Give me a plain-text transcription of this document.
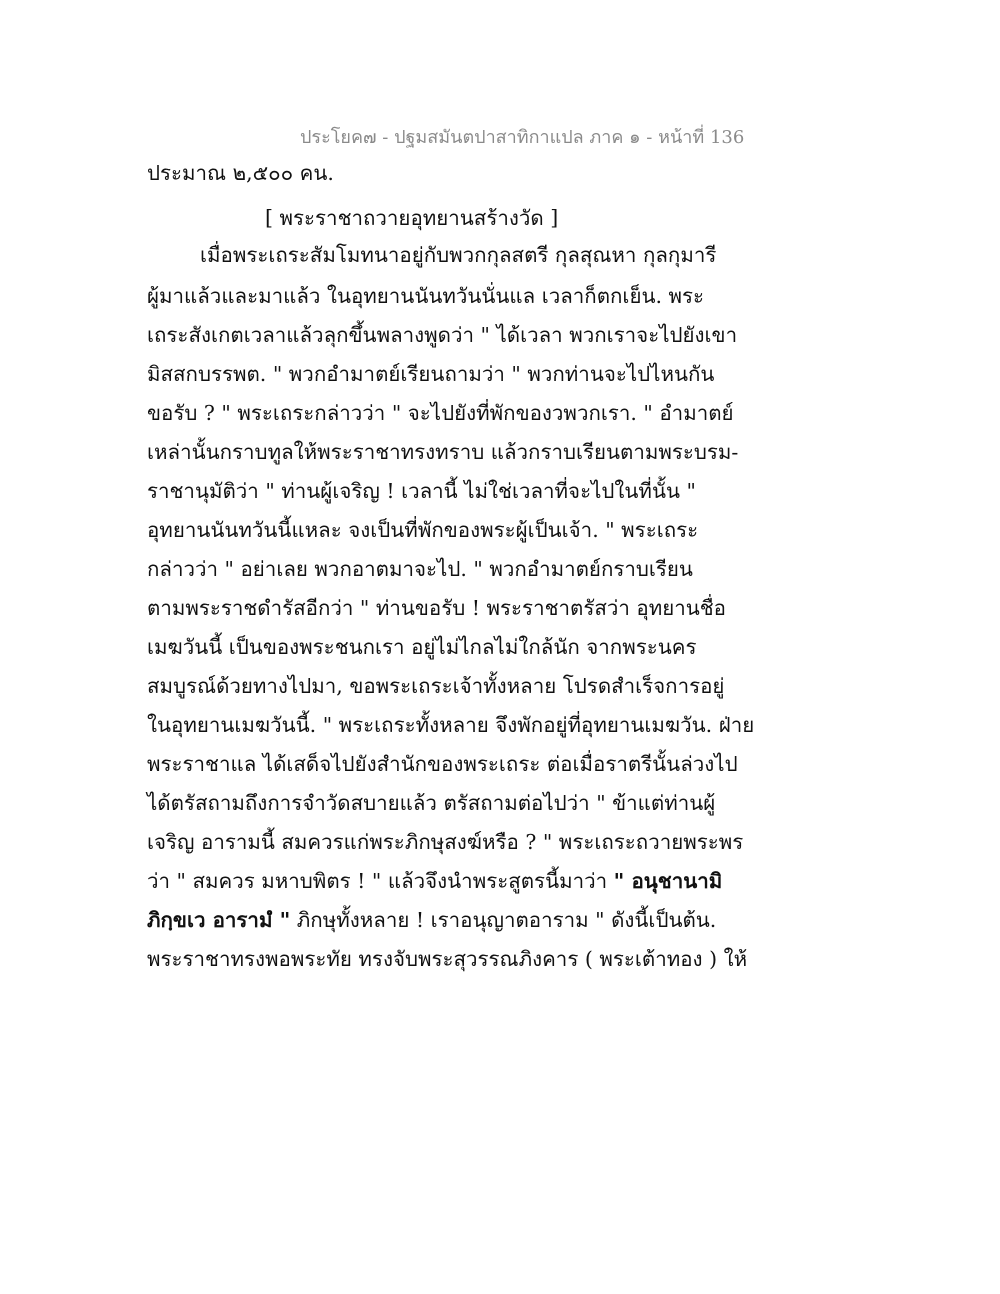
ประโยค๗ - ปฐมสมันตปาสาทิกาแปล ภาค ๑ - หน้าที่ 136
ประมาณ ๒,๕๐๐ คน.
[ พระราชาถวายอุทยานสร้างวัด ]
เมื่อพระเถระสัมโมทนาอยู่กับพวกกุลสตรี กุลสุณหา กุลกุมารี
ผู้มาแล้วและมาแล้ว ในอุทยานนันทวันนั่นแล เวลาก็ตกเย็น. พระ
เถระสังเกตเวลาแล้วลุกขึ้นพลางพูดว่า " ได้เวลา พวกเราจะไปยังเขา
มิสสกบรรพต. " พวกอำมาตย์เรียนถามว่า " พวกท่านจะไปไหนกัน
ขอรับ ? " พระเถระกล่าวว่า " จะไปยังที่พักของวพวกเรา. " อำมาตย์
เหล่านั้นกราบทูลให้พระราชาทรงทราบ แล้วกราบเรียนตามพระบรม-
ราชานุมัติว่า " ท่านผู้เจริญ ! เวลานี้ ไม่ใช่เวลาที่จะไปในที่นั้น "
อุทยานนันทวันนี้แหละ จงเป็นที่พักของพระผู้เป็นเจ้า. " พระเถระ
กล่าวว่า " อย่าเลย พวกอาตมาจะไป. " พวกอำมาตย์กราบเรียน
ตามพระราชดำรัสอีกว่า " ท่านขอรับ ! พระราชาตรัสว่า อุทยานชื่อ
เมฆวันนี้ เป็นของพระชนกเรา อยู่ไม่ไกลไม่ใกล้นัก จากพระนคร
สมบูรณ์ด้วยทางไปมา, ขอพระเถระเจ้าทั้งหลาย โปรดสำเร็จการอยู่
ในอุทยานเมฆวันนี้. " พระเถระทั้งหลาย จึงพักอยู่ที่อุทยานเมฆวัน. ฝ่าย
พระราชาแล ได้เสด็จไปยังสำนักของพระเถระ ต่อเมื่อราตรีนั้นล่วงไป
ได้ตรัสถามถึงการจำวัดสบายแล้ว ตรัสถามต่อไปว่า " ข้าแต่ท่านผู้
เจริญ อารามนี้ สมควรแก่พระภิกษุสงฆ์หรือ ? " พระเถระถวายพระพร
ว่า " สมควร มหาบพิตร ! " แล้วจึงนำพระสูตรนี้มาว่า " อนุชานามิ
ภิกฺขเว อารามํ " ภิกษุทั้งหลาย ! เราอนุญาตอาราม " ดังนี้เป็นต้น.
พระราชาทรงพอพระทัย ทรงจับพระสุวรรณภิงคาร ( พระเต้าทอง ) ให้
